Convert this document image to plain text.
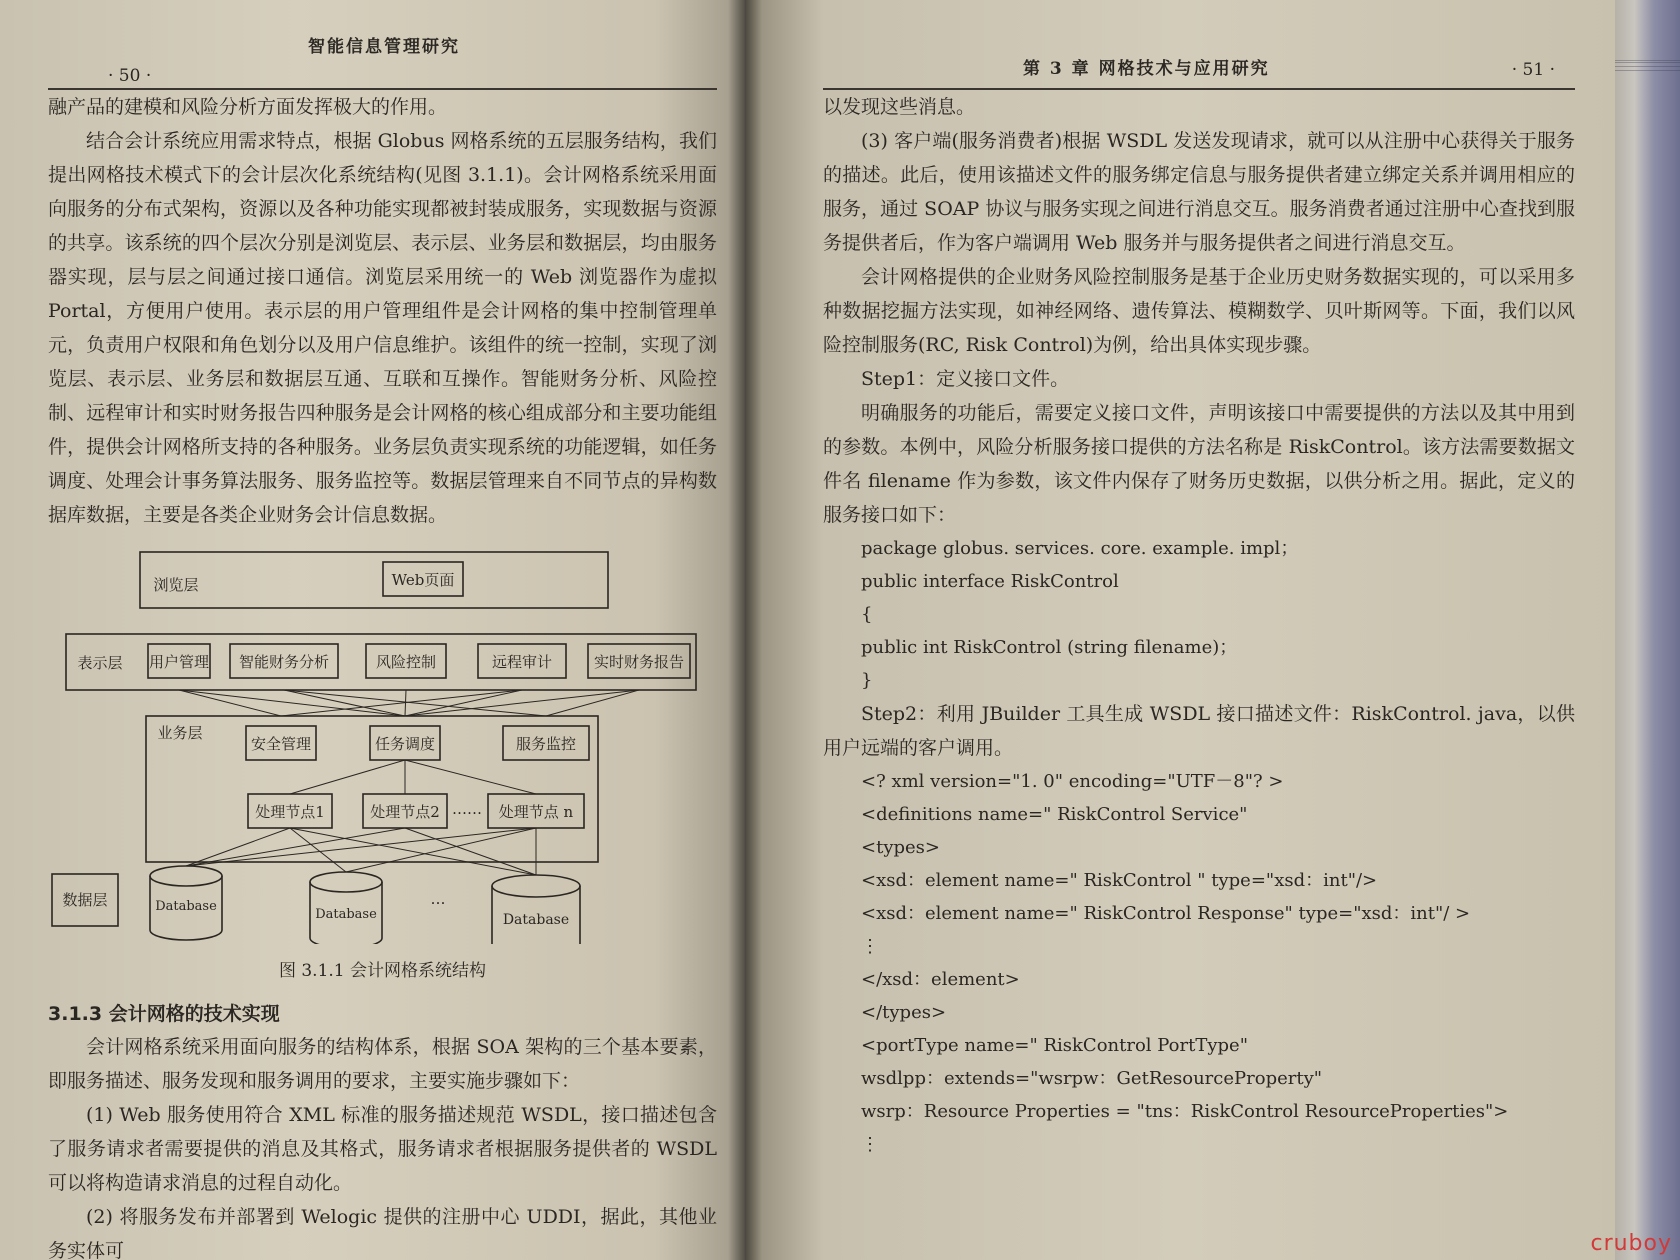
智能信息管理研究
· 50 ·

融产品的建模和风险分析方面发挥极大的作用。

结合会计系统应用需求特点，根据 Globus 网格系统的五层服务结构，我们提出网格技术模式下的会计层次化系统结构(见图 3.1.1)。会计网格系统采用面向服务的分布式架构，资源以及各种功能实现都被封装成服务，实现数据与资源的共享。该系统的四个层次分别是浏览层、表示层、业务层和数据层，均由服务器实现，层与层之间通过接口通信。浏览层采用统一的 Web 浏览器作为虚拟 Portal，方便用户使用。表示层的用户管理组件是会计网格的集中控制管理单元，负责用户权限和角色划分以及用户信息维护。该组件的统一控制，实现了浏览层、表示层、业务层和数据层互通、互联和互操作。智能财务分析、风险控制、远程审计和实时财务报告四种服务是会计网格的核心组成部分和主要功能组件，提供会计网格所支持的各种服务。业务层负责实现系统的功能逻辑，如任务调度、处理会计事务算法服务、服务监控等。数据层管理来自不同节点的异构数据库数据，主要是各类企业财务会计信息数据。

浏览层	Web页面
表示层 用户管理 智能财务分析	风险控制	远程审计	实时财务报告
业务层
安全管理	任务调度	服务监控
处理节点1	处理节点2 …… 处理节点 n
数据层	Database
Database
…
Database
图 3.1.1 会计网格系统结构
3.1.3 会计网格的技术实现

会计网格系统采用面向服务的结构体系，根据 SOA 架构的三个基本要素，即服务描述、服务发现和服务调用的要求，主要实施步骤如下：

(1) Web 服务使用符合 XML 标准的服务描述规范 WSDL，接口描述包含了服务请求者需要提供的消息及其格式，服务请求者根据服务提供者的 WSDL 可以将构造请求消息的过程自动化。

(2) 将服务发布并部署到 Welogic 提供的注册中心 UDDI，据此，其他业务实体可

第 3 章 网格技术与应用研究	· 51 ·

以发现这些消息。

(3) 客户端(服务消费者)根据 WSDL 发送发现请求，就可以从注册中心获得关于服务的描述。此后，使用该描述文件的服务绑定信息与服务提供者建立绑定关系并调用相应的服务，通过 SOAP 协议与服务实现之间进行消息交互。服务消费者通过注册中心查找到服务提供者后，作为客户端调用 Web 服务并与服务提供者之间进行消息交互。

会计网格提供的企业财务风险控制服务是基于企业历史财务数据实现的，可以采用多种数据挖掘方法实现，如神经网络、遗传算法、模糊数学、贝叶斯网等。下面，我们以风险控制服务(RC, Risk Control)为例，给出具体实现步骤。

Step1：定义接口文件。

明确服务的功能后，需要定义接口文件，声明该接口中需要提供的方法以及其中用到的参数。本例中，风险分析服务接口提供的方法名称是 RiskControl。该方法需要数据文件名 filename 作为参数，该文件内保存了财务历史数据，以供分析之用。据此，定义的服务接口如下：

package globus. services. core. example. impl；
public interface RiskControl
{
public int RiskControl (string filename)；
}

Step2：利用 JBuilder 工具生成 WSDL 接口描述文件：RiskControl. java，以供用户远端的客户调用。

<? xml version="1. 0" encoding="UTF－8"? >
<definitions name=" RiskControl Service"
<types>
<xsd：element name=" RiskControl " type="xsd：int"/>
<xsd：element name=" RiskControl Response" type="xsd：int"/ >
⋮
</xsd：element>
</types>
<portType name=" RiskControl PortType"
wsdlpp：extends="wsrpw：GetResourceProperty"
wsrp：Resource Properties = "tns：RiskControl ResourceProperties">
⋮
cruboy
